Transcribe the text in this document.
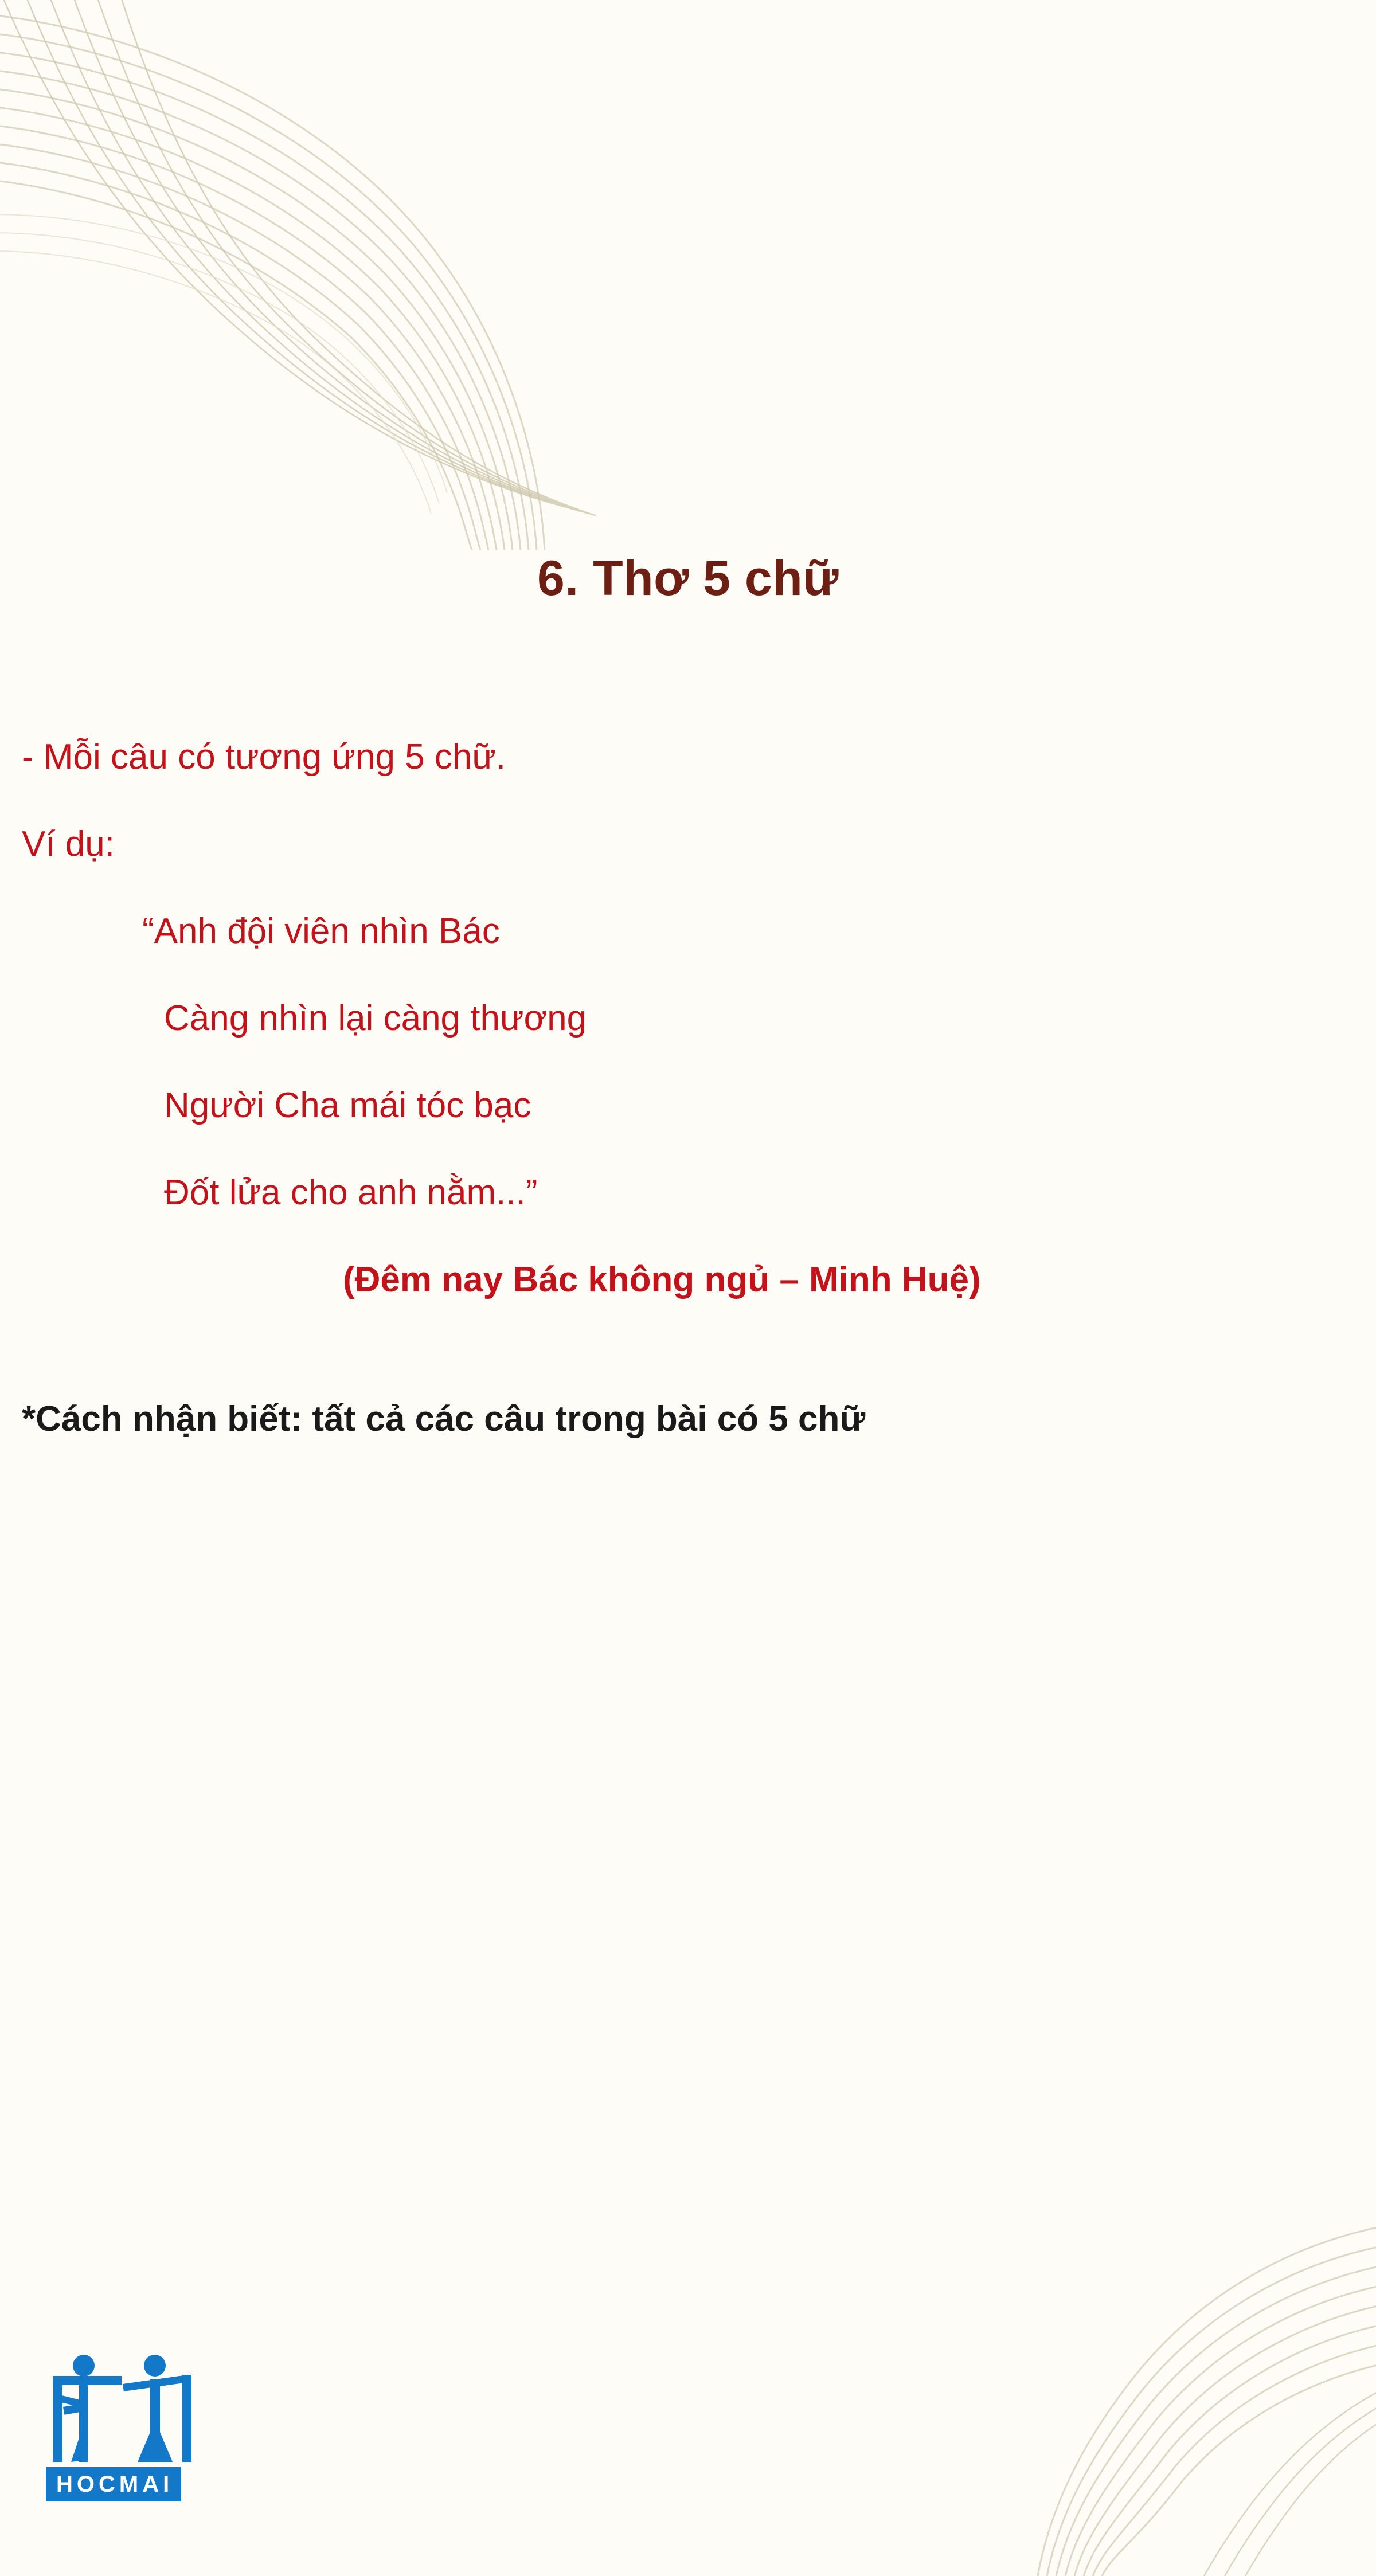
6. Thơ 5 chữ
- Mỗi câu có tương ứng 5 chữ.
Ví dụ:
“Anh đội viên nhìn Bác
Càng nhìn lại càng thương
Người Cha mái tóc bạc
Đốt lửa cho anh nằm...”
(Đêm nay Bác không ngủ – Minh Huệ)
*Cách nhận biết: tất cả các câu trong bài có 5 chữ
HOCMAI
